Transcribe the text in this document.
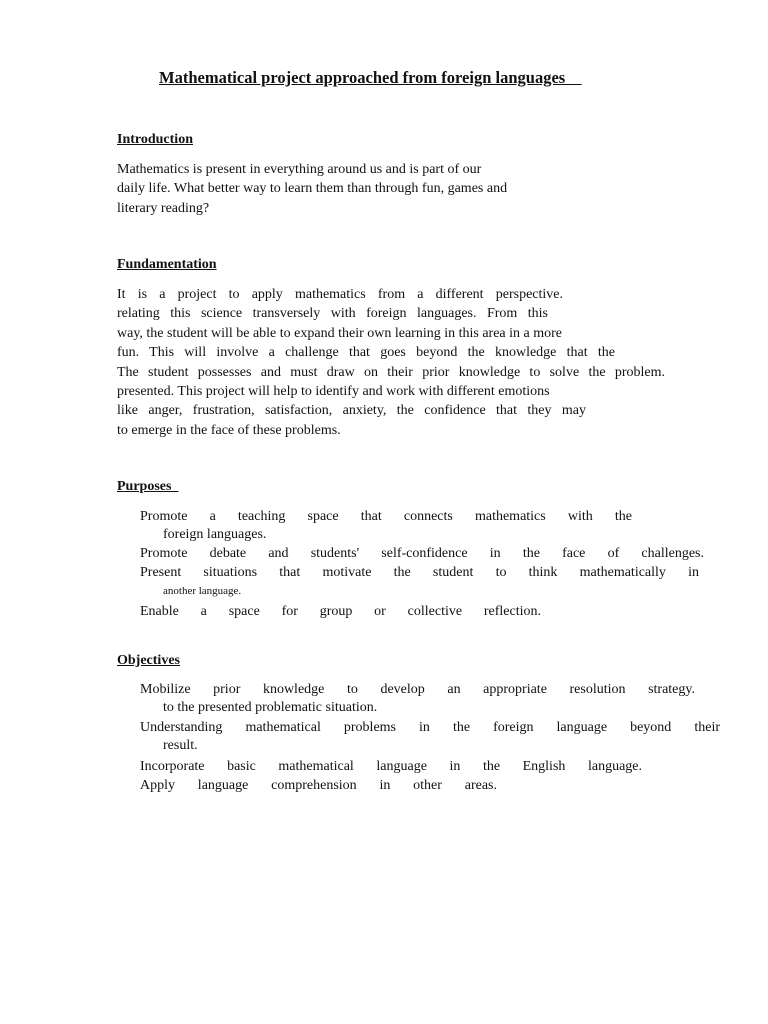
Mathematical project approached from foreign languages
Introduction
Mathematics is present in everything around us and is part of our
daily life. What better way to learn them than through fun, games and
literary reading?
Fundamentation
It is a project to apply mathematics from a different perspective.
relating this science transversely with foreign languages. From this
way, the student will be able to expand their own learning in this area in a more
fun. This will involve a challenge that goes beyond the knowledge that the
The student possesses and must draw on their prior knowledge to solve the problem.
presented. This project will help to identify and work with different emotions
like anger, frustration, satisfaction, anxiety, the confidence that they may
to emerge in the face of these problems.
Purposes
Promote a teaching space that connects mathematics with the
foreign languages.
Promote debate and students' self-confidence in the face of challenges.
Present situations that motivate the student to think mathematically in
another language.
Enable a space for group or collective reflection.
Objectives
Mobilize prior knowledge to develop an appropriate resolution strategy.
to the presented problematic situation.
Understanding mathematical problems in the foreign language beyond their
result.
Incorporate basic mathematical language in the English language.
Apply language comprehension in other areas.
